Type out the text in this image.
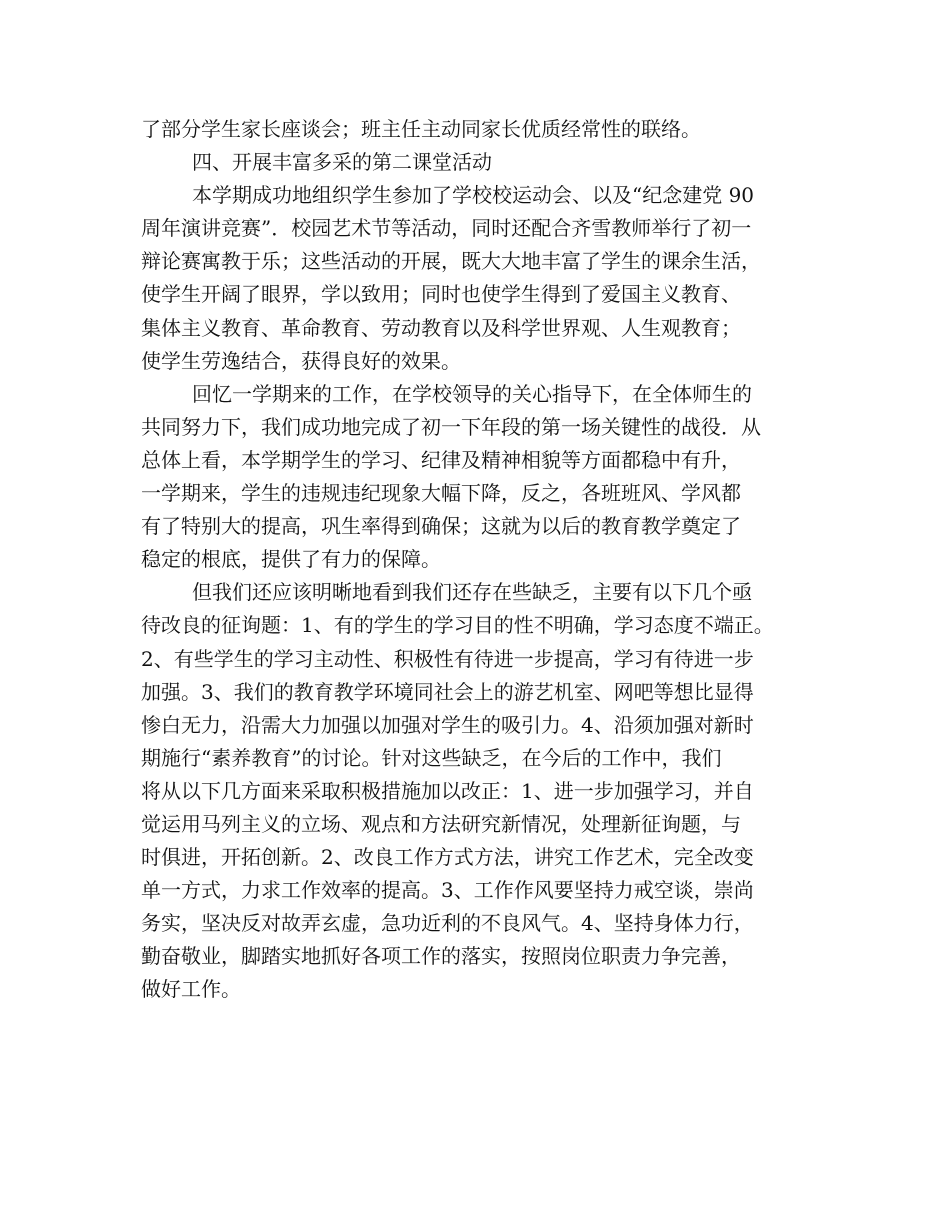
了部分学生家长座谈会；班主任主动同家长优质经常性的联络。
四、开展丰富多采的第二课堂活动
本学期成功地组织学生参加了学校校运动会、以及“纪念建党 90
周年演讲竞赛”．校园艺术节等活动，同时还配合齐雪教师举行了初一
辩论赛寓教于乐；这些活动的开展，既大大地丰富了学生的课余生活，
使学生开阔了眼界，学以致用；同时也使学生得到了爱国主义教育、
集体主义教育、革命教育、劳动教育以及科学世界观、人生观教育；
使学生劳逸结合，获得良好的效果。
回忆一学期来的工作，在学校领导的关心指导下，在全体师生的
共同努力下，我们成功地完成了初一下年段的第一场关键性的战役．从
总体上看，本学期学生的学习、纪律及精神相貌等方面都稳中有升，
一学期来，学生的违规违纪现象大幅下降，反之，各班班风、学风都
有了特别大的提高，巩生率得到确保；这就为以后的教育教学奠定了
稳定的根底，提供了有力的保障。
但我们还应该明晰地看到我们还存在些缺乏，主要有以下几个亟
待改良的征询题：1、有的学生的学习目的性不明确，学习态度不端正。
2、有些学生的学习主动性、积极性有待进一步提高，学习有待进一步
加强。3、我们的教育教学环境同社会上的游艺机室、网吧等想比显得
惨白无力，沿需大力加强以加强对学生的吸引力。4、沿须加强对新时
期施行“素养教育”的讨论。针对这些缺乏，在今后的工作中，我们
将从以下几方面来采取积极措施加以改正：1、进一步加强学习，并自
觉运用马列主义的立场、观点和方法研究新情况，处理新征询题，与
时俱进，开拓创新。2、改良工作方式方法，讲究工作艺术，完全改变
单一方式，力求工作效率的提高。3、工作作风要坚持力戒空谈，崇尚
务实，坚决反对故弄玄虚，急功近利的不良风气。4、坚持身体力行，
勤奋敬业，脚踏实地抓好各项工作的落实，按照岗位职责力争完善，
做好工作。
